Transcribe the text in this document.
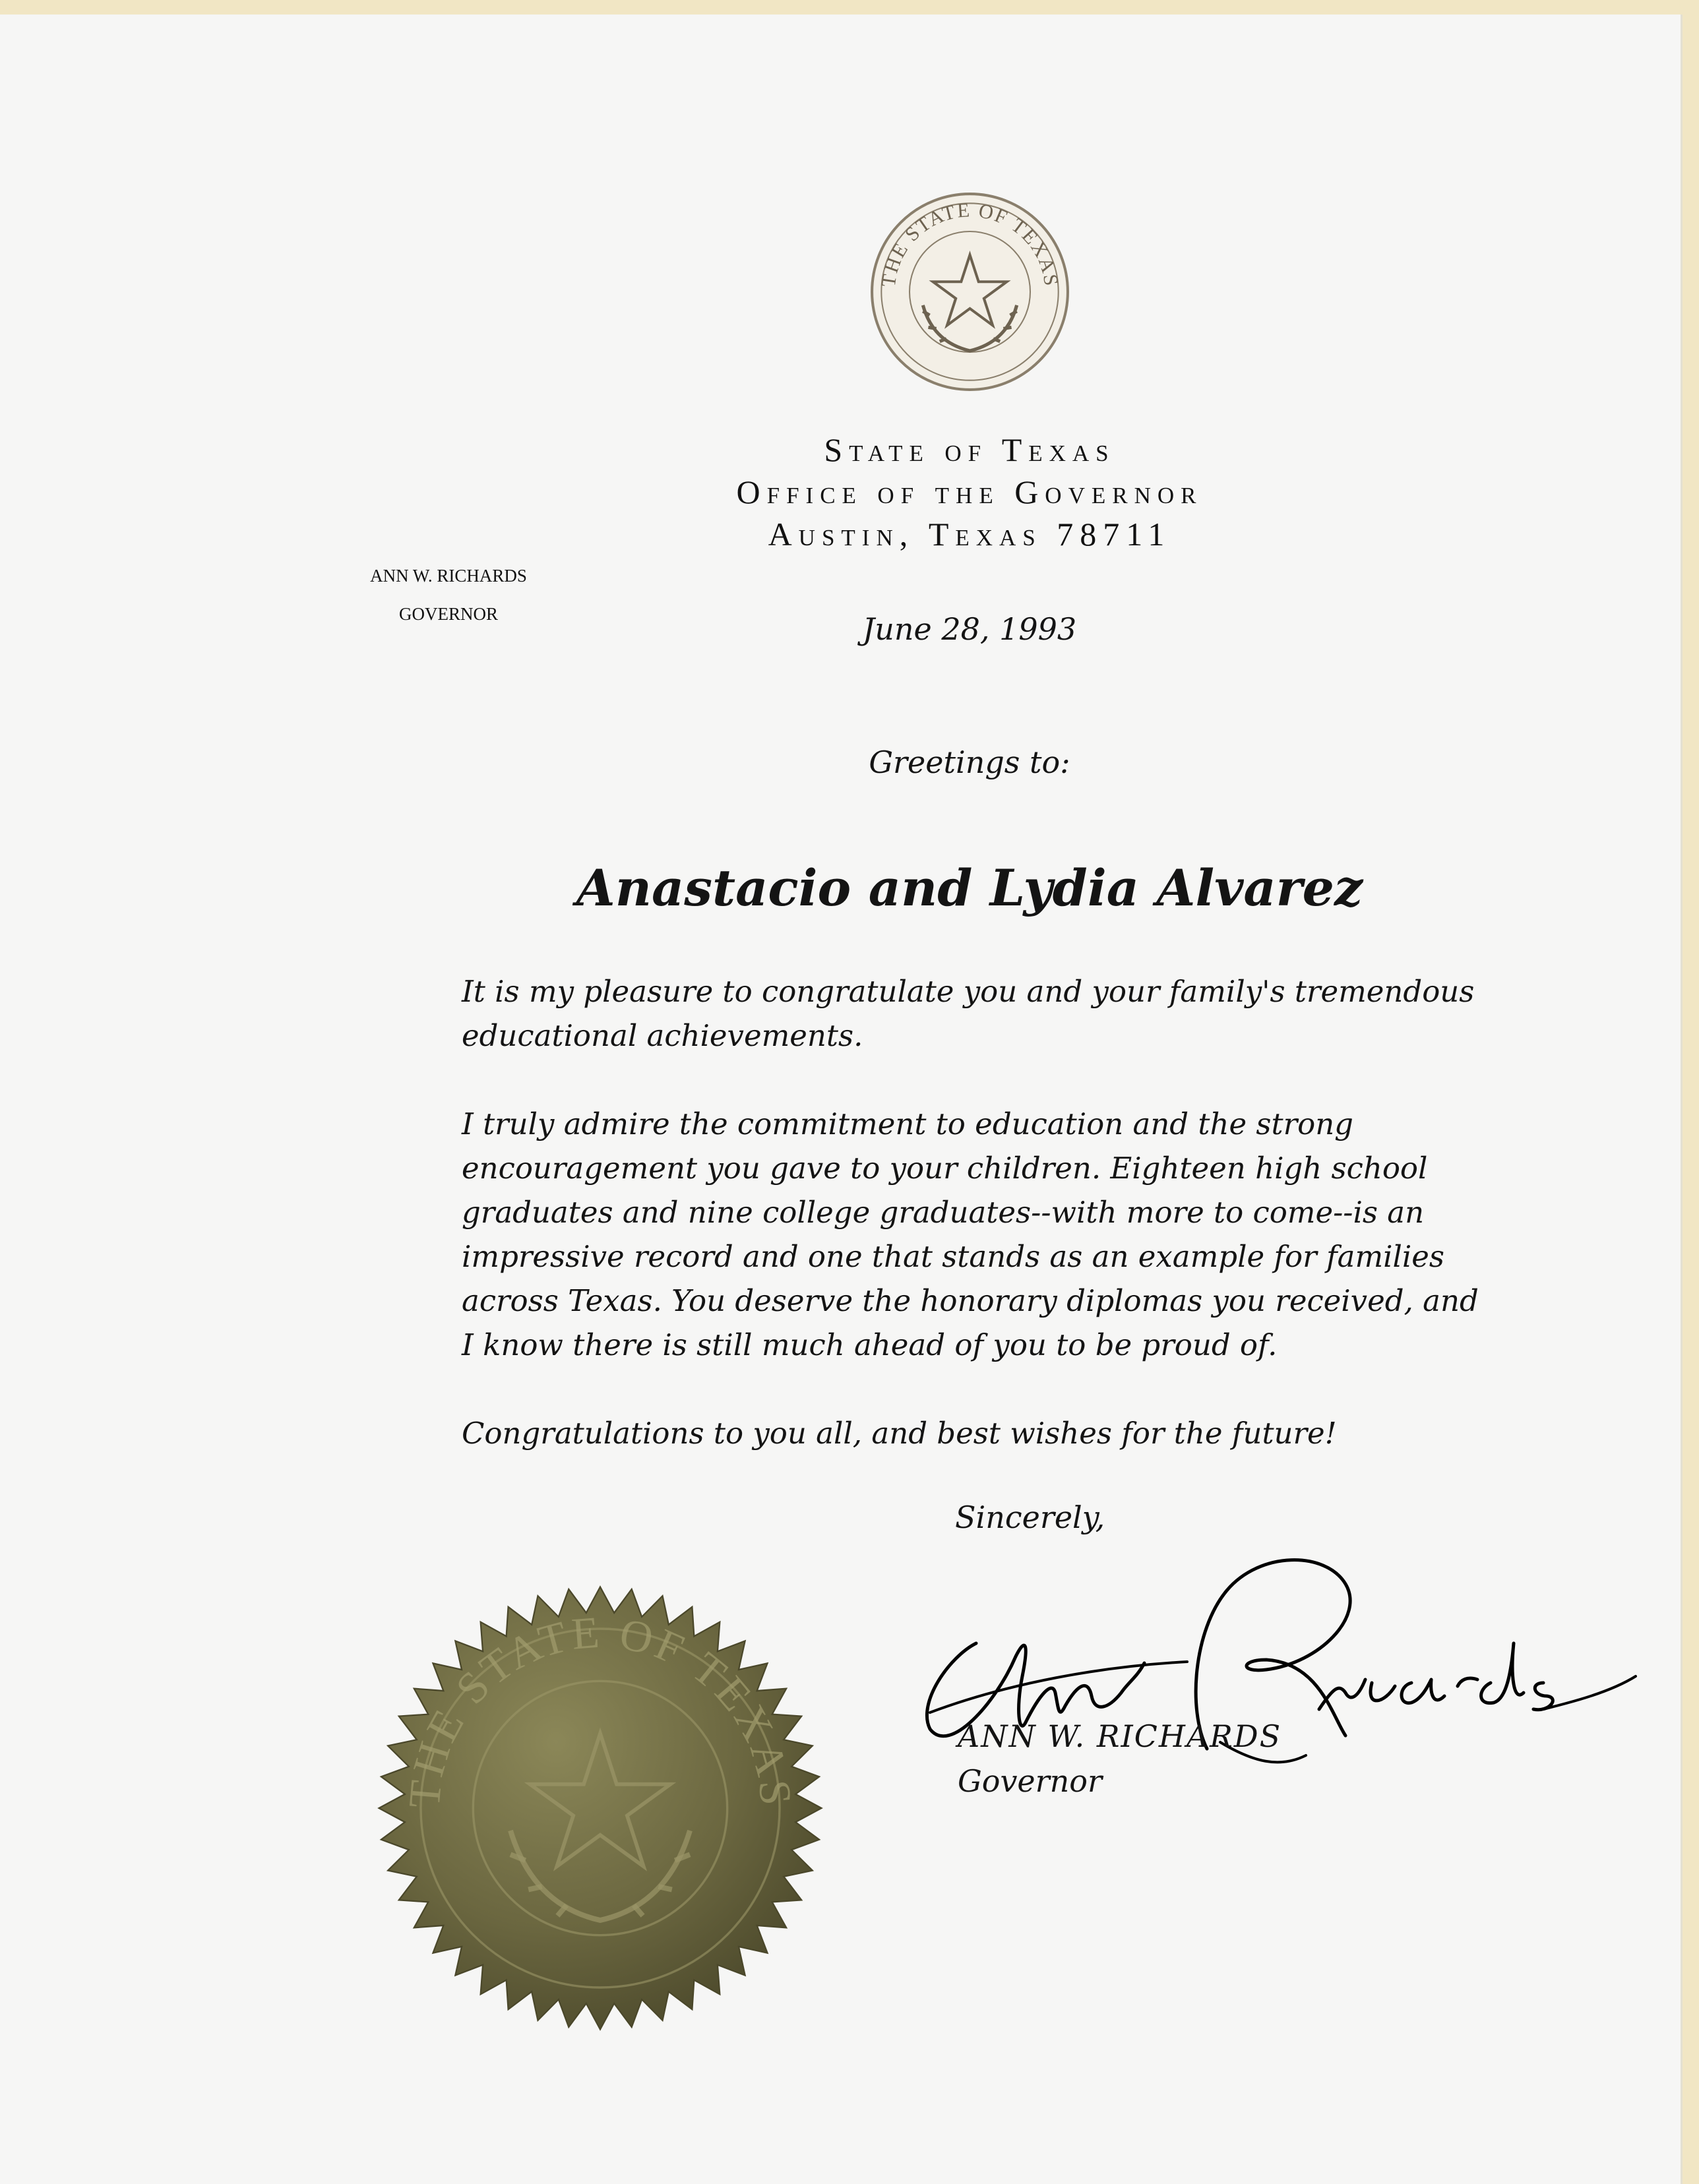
THE STATE OF TEXAS
State of Texas
Office of the Governor
Austin, Texas 78711
ANN W. RICHARDS
GOVERNOR	June 28, 1993
Greetings to:
Anastacio and Lydia Alvarez

It is my pleasure to congratulate you and your family's tremendous educational achievements.

I truly admire the commitment to education and the strong encouragement you gave to your children. Eighteen high school graduates and nine college graduates--with more to come--is an impressive record and one that stands as an example for families across Texas. You deserve the honorary diplomas you received, and I know there is still much ahead of you to be proud of.

Congratulations to you all, and best wishes for the future!

Sincerely,
ANN W. RICHARDS
Governor
THE STATE OF TEXAS
